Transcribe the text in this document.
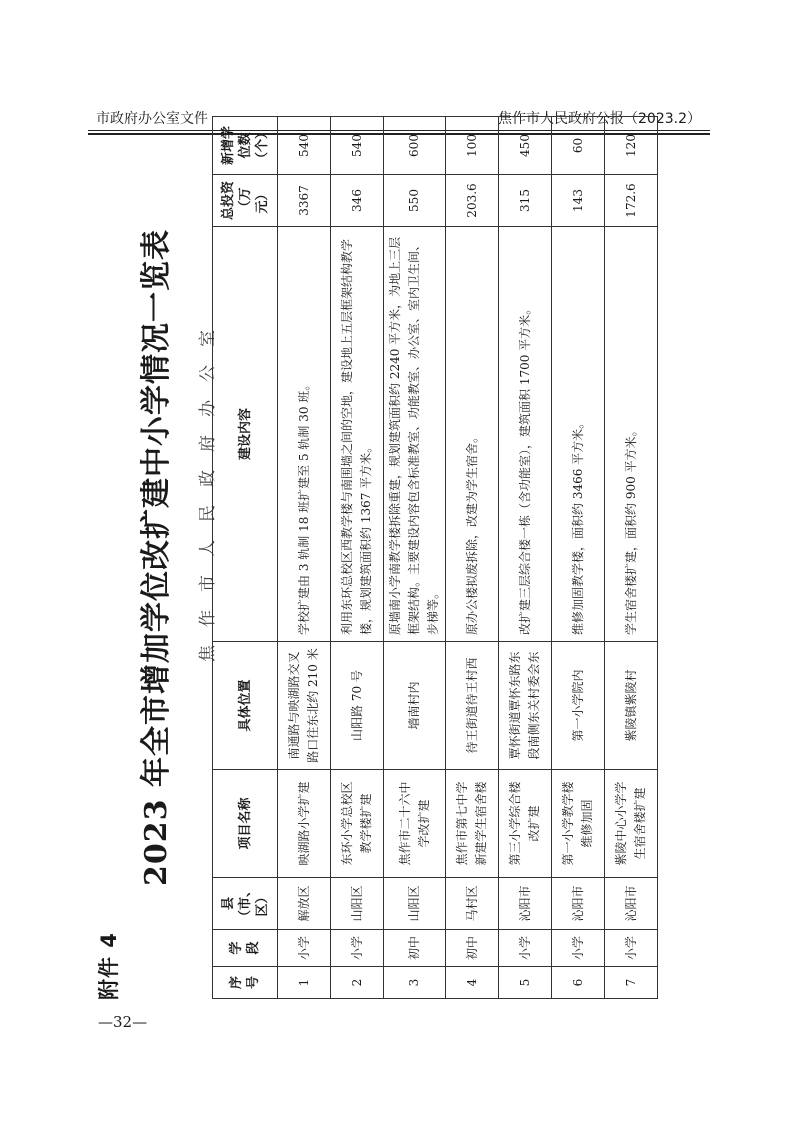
市政府办公室文件	焦作市人民政府公报（2023.2）
附件 4
2023 年全市增加学位改扩建中小学情况一览表 焦作市人民政府办公室
序号	学段	县（市、区）	项目名称	具体位置	建设内容	总投资（万元）	新增学位数（个）
1	小学	解放区	映湖路小学扩建	南通路与映湖路交叉路口往东北约 210 米	学校扩建由 3 轨制 18 班扩建至 5 轨制 30 班。	3367	540
2	小学	山阳区	东环小学总校区教学楼扩建	山阳路 70 号	利用东环总校区西教学楼与南围墙之间的空地，建设地上五层框架结构教学楼，规划建筑面积约 1367 平方米。	346	540
3	初中	山阳区	焦作市二十六中学改扩建	墙南村内	原墙南小学南教学楼拆除重建，规划建筑面积约 2240 平方米，为地上三层框架结构。主要建设内容包含标准教室、功能教室、办公室、室内卫生间、步梯等。	550	600
4	初中	马村区	焦作市第七中学新建学生宿舍楼	待王街道待王村西	原办公楼拟废拆除，改建为学生宿舍。	203.6	100
5	小学	沁阳市	第三小学综合楼改扩建	覃怀街道覃怀东路东段南侧东关村委会东	改扩建三层综合楼一栋（含功能室），建筑面积 1700 平方米。	315	450
6	小学	沁阳市	第一小学教学楼维修加固	第一小学院内	维修加固教学楼，面积约 3466 平方米。	143	60
7	小学	沁阳市	紫陵中心小学学生宿舍楼扩建	紫陵镇紫陵村	学生宿舍楼扩建，面积约 900 平方米。	172.6	120
—32—
